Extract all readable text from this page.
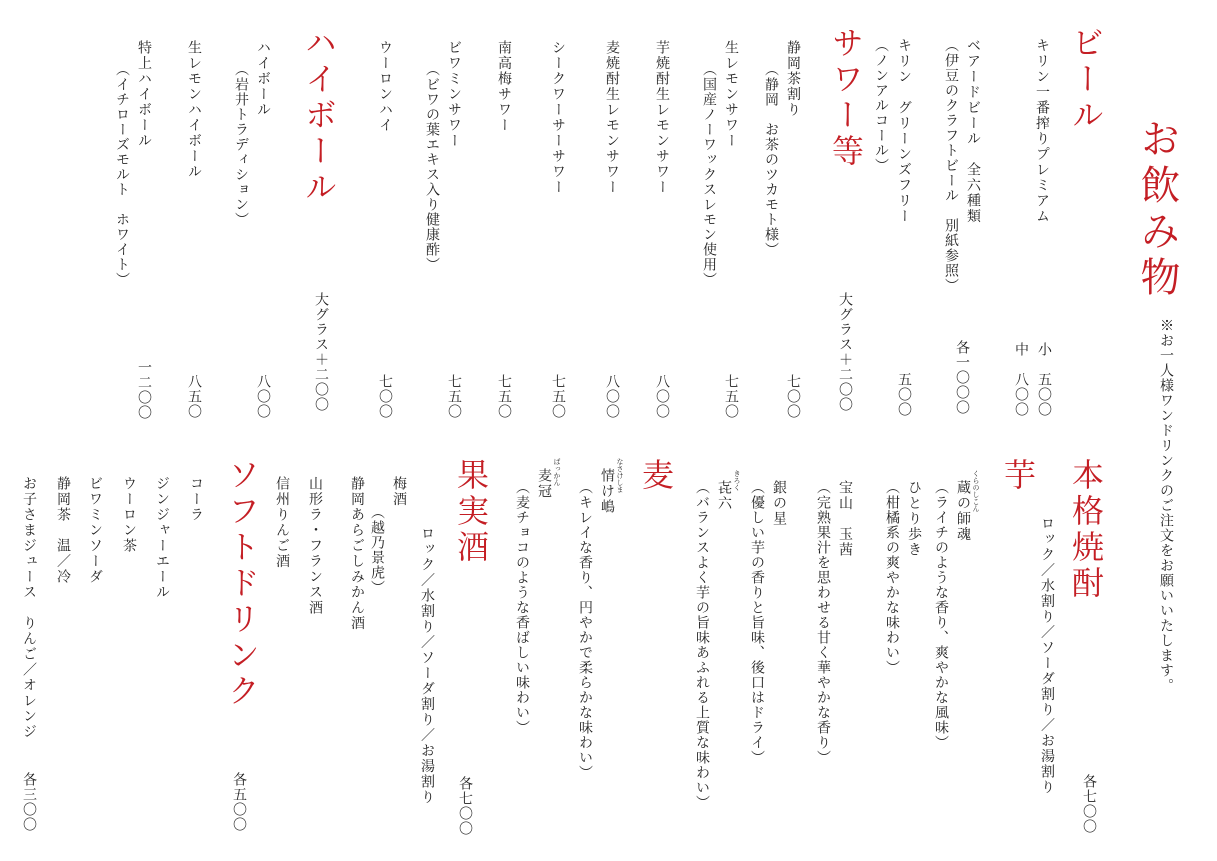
お飲み物
※お一人様ワンドリンクのご注文をお願いいたします。
ビール
キリン一番搾りプレミアム
小　五〇〇
中　八〇〇
ベアードビール　全六種類
（伊豆のクラフトビール　別紙参照）
各一〇〇〇
キリン　グリーンズフリー
（ノンアルコール）
五〇〇
サワー等
大グラス＋二〇〇
ハイボール
大グラス＋二〇〇
本格焼酎
ロック／水割り／ソーダ割り／お湯割り
各七〇〇
芋
麦
果実酒
ロック／水割り／ソーダ割り／お湯割り
各七〇〇
ソフトドリンク
各五〇〇
お子さまジュース　りんご／オレンジ
各三〇〇
静岡茶割り
（静岡　お茶のツカモト様）
七〇〇
生レモンサワー
（国産ノーワックスレモン使用）
七五〇
芋焼酎生レモンサワー
八〇〇
麦焼酎生レモンサワー
八〇〇
シークワーサーサワー
七五〇
南高梅サワー
七五〇
ビワミンサワー
（ビワの葉エキス入り健康酢）
七五〇
ウーロンハイ
七〇〇
ハイボール
（岩井トラディション）
八〇〇
生レモンハイボール
八五〇
特上ハイボール
（イチローズモルト　ホワイト）
一二〇〇
くらのしこん
蔵の師魂
（ライチのような香り、爽やかな風味）
ひとり歩き
（柑橘系の爽やかな味わい）
宝山　玉茜
（完熟果汁を思わせる甘く華やかな香り）
銀の星
（優しい芋の香りと旨味、後口はドライ）
きろく
㐂六
（バランスよく芋の旨味あふれる上質な味わい）
なさけしま
情け嶋
（キレイな香り、円やかで柔らかな味わい）
ばっかん
麦冠
（麦チョコのような香ばしい味わい）
梅酒
（越乃景虎）
静岡あらごしみかん酒
山形ラ・フランス酒
信州りんご酒
コーラ
ジンジャーエール
ウーロン茶
ビワミンソーダ
静岡茶　温／冷
